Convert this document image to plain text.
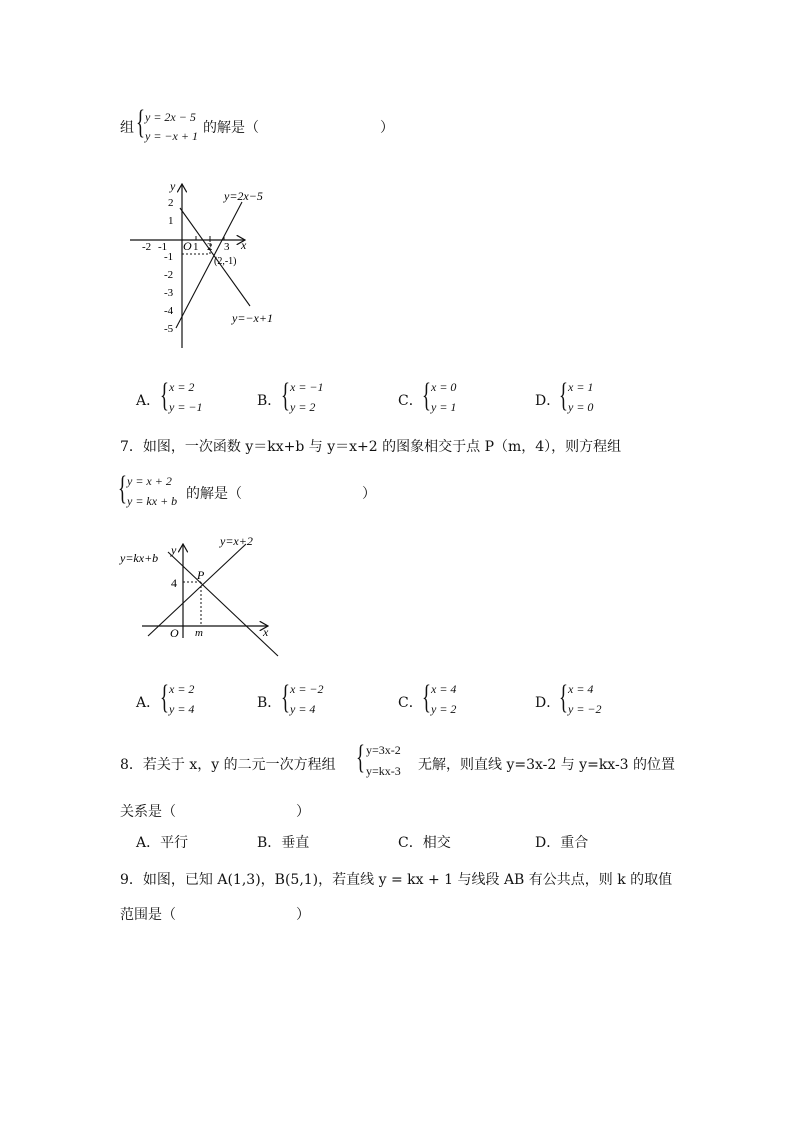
组 { y = 2x − 5
y = −x + 1 的解是（	）
y
x
O
-2 -1 1 2 3
2
1
-1
-2
-3
-4
-5
(2,-1)
y=2x−5
y=−x+1
A． { x = 2
y = −1	B． { x = −1
y = 2	C． { x = 0
y = 1	D．
{ x = 1
y = 0
7．如图，一次函数 y＝kx+b 与 y＝x+2 的图象相交于点 P（m，4），则方程组
{ y = x + 2
y = kx + b 的解是（	）
y=kx+b
y=x+2
y
x
O
P
4
m
A． { x = 2
y = 4	B． { x = −2
y = 4	C． { x = 4
y = 2	D．
{ x = 4
y = −2
8．若关于 x，y 的二元一次方程组 { y=3x-2
y=kx-3 无解，则直线 y=3x-2 与 y=kx-3 的位置
关系是（	）
A．平行	B．垂直	C．相交	D．重合
9．如图，已知 A(1,3)，B(5,1)，若直线 y = kx + 1 与线段 AB 有公共点，则 k 的取值
范围是（	）
